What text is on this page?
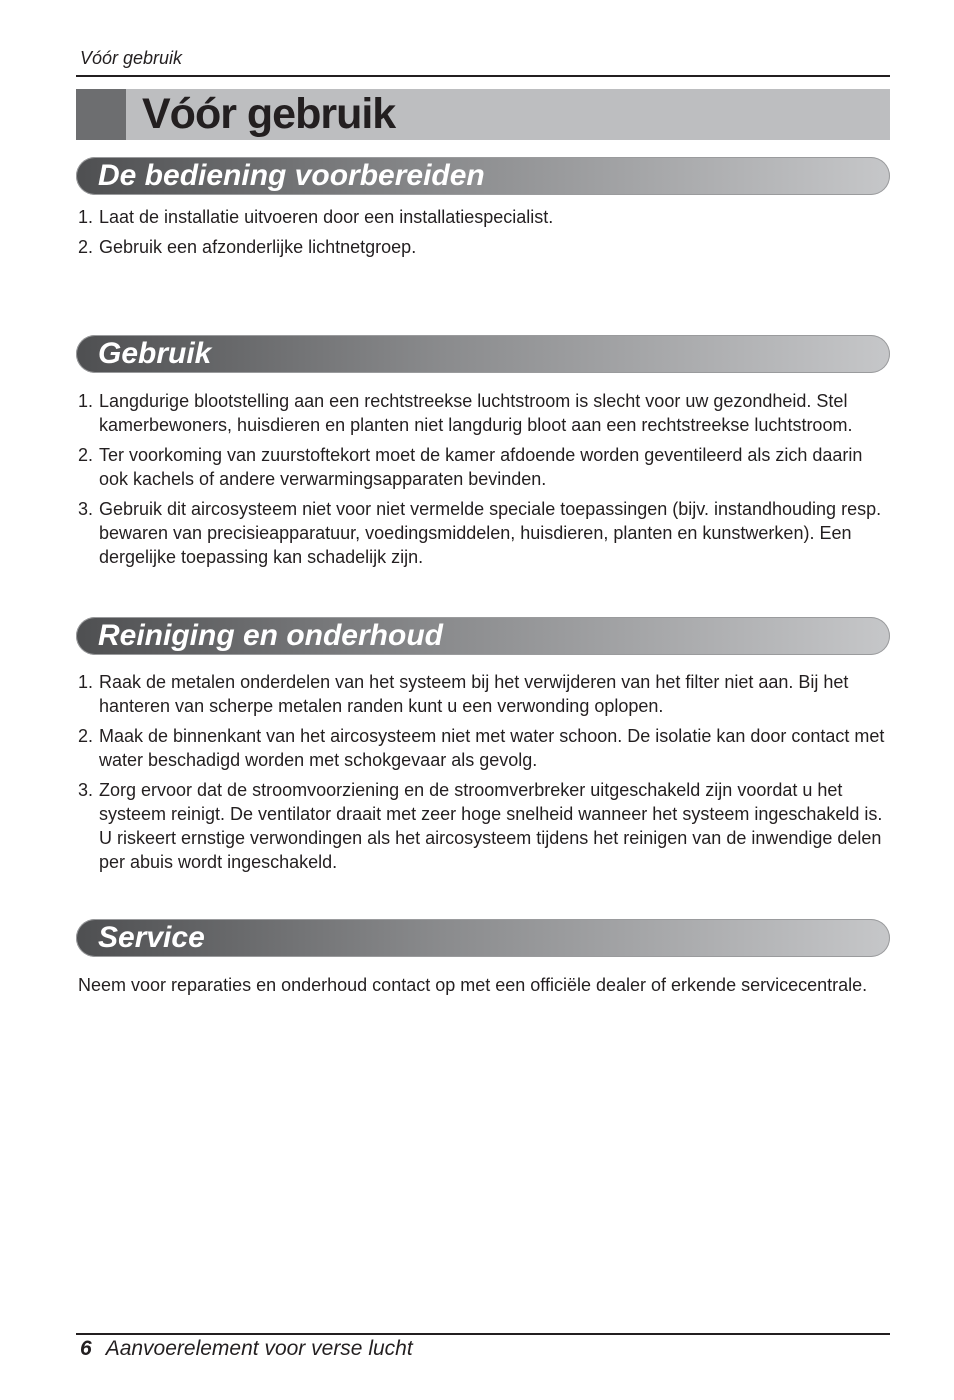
Vóór gebruik
Vóór gebruik
De bediening voorbereiden
1. Laat de installatie uitvoeren door een installatiespecialist.
2. Gebruik een afzonderlijke lichtnetgroep.
Gebruik
1. Langdurige blootstelling aan een rechtstreekse luchtstroom is slecht voor uw gezondheid. Stel kamerbewoners, huisdieren en planten niet langdurig bloot aan een rechtstreekse luchtstroom.
2. Ter voorkoming van zuurstoftekort moet de kamer afdoende worden geventileerd als zich daarin ook kachels of andere verwarmingsapparaten bevinden.
3. Gebruik dit aircosysteem niet voor niet vermelde speciale toepassingen (bijv. instandhouding resp. bewaren van precisieapparatuur, voedingsmiddelen, huisdieren, planten en kunstwerken). Een dergelijke toepassing kan schadelijk zijn.
Reiniging en onderhoud
1. Raak de metalen onderdelen van het systeem bij het verwijderen van het filter niet aan. Bij het hanteren van scherpe metalen randen kunt u een verwonding oplopen.
2. Maak de binnenkant van het aircosysteem niet met water schoon. De isolatie kan door contact met water beschadigd worden met schokgevaar als gevolg.
3. Zorg ervoor dat de stroomvoorziening en de stroomverbreker uitgeschakeld zijn voordat u het systeem reinigt. De ventilator draait met zeer hoge snelheid wanneer het systeem ingeschakeld is. U riskeert ernstige verwondingen als het aircosysteem tijdens het reinigen van de inwendige delen per abuis wordt ingeschakeld.
Service
Neem voor reparaties en onderhoud contact op met een officiële dealer of erkende servicecentrale.
6 Aanvoerelement voor verse lucht
